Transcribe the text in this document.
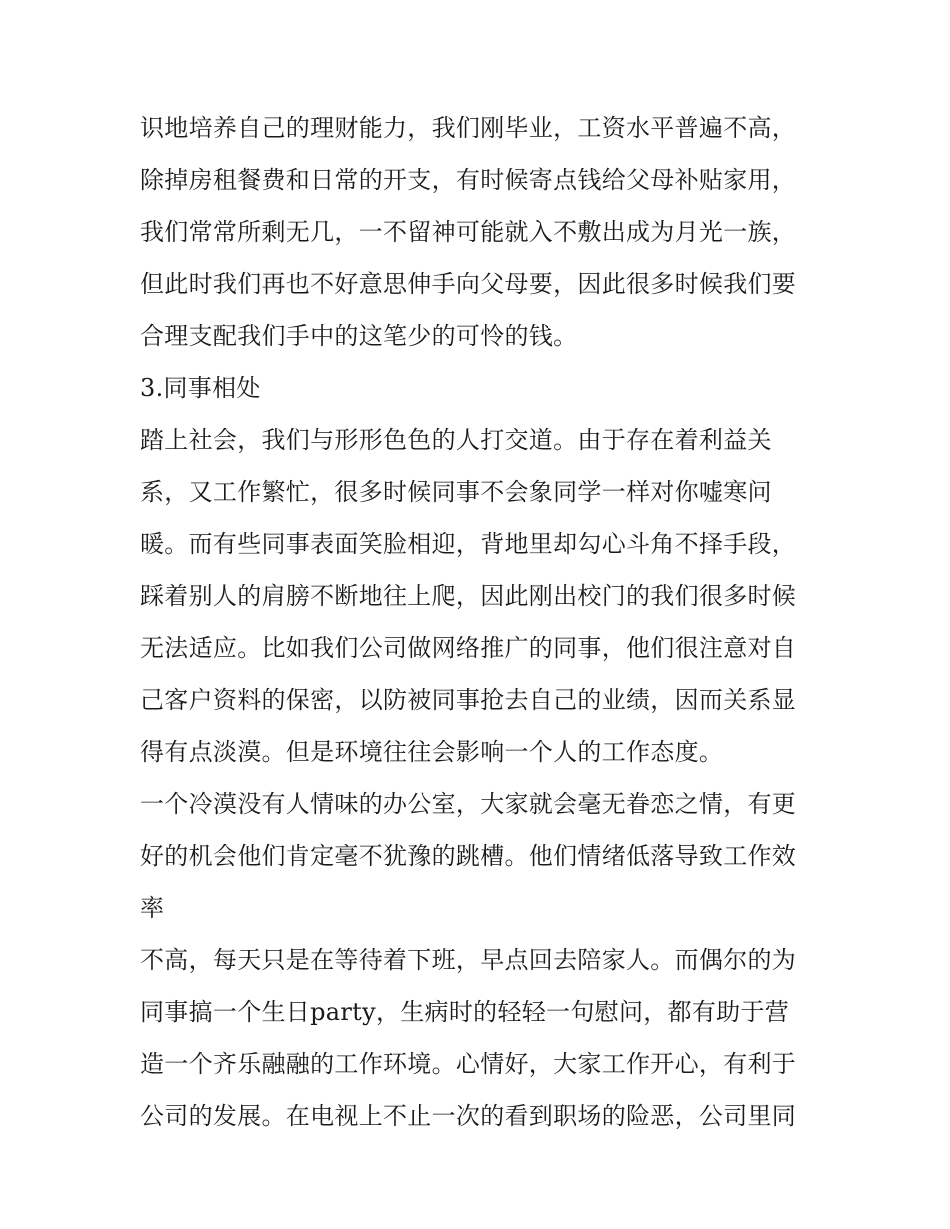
识地培养自己的理财能力，我们刚毕业，工资水平普遍不高，
除掉房租餐费和日常的开支，有时候寄点钱给父母补贴家用，
我们常常所剩无几，一不留神可能就入不敷出成为月光一族，
但此时我们再也不好意思伸手向父母要，因此很多时候我们要
合理支配我们手中的这笔少的可怜的钱。
3.同事相处
踏上社会，我们与形形色色的人打交道。由于存在着利益关
系，又工作繁忙，很多时候同事不会象同学一样对你嘘寒问
暖。而有些同事表面笑脸相迎，背地里却勾心斗角不择手段，
踩着别人的肩膀不断地往上爬，因此刚出校门的我们很多时候
无法适应。比如我们公司做网络推广的同事，他们很注意对自
己客户资料的保密，以防被同事抢去自己的业绩，因而关系显
得有点淡漠。但是环境往往会影响一个人的工作态度。
一个冷漠没有人情味的办公室，大家就会毫无眷恋之情，有更
好的机会他们肯定毫不犹豫的跳槽。他们情绪低落导致工作效
率
不高，每天只是在等待着下班，早点回去陪家人。而偶尔的为
同事搞一个生日party，生病时的轻轻一句慰问，都有助于营
造一个齐乐融融的工作环境。心情好，大家工作开心，有利于
公司的发展。在电视上不止一次的看到职场的险恶，公司里同
